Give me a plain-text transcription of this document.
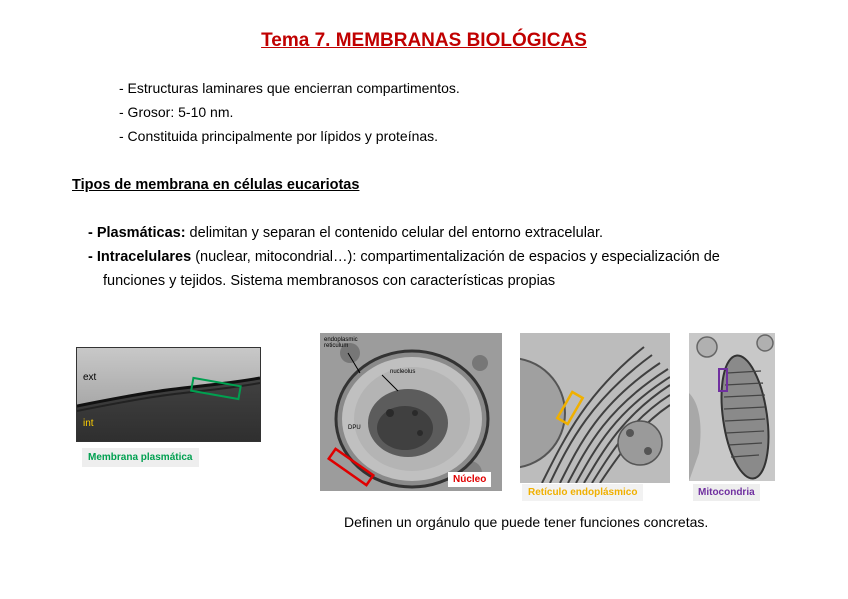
Tema 7. MEMBRANAS BIOLÓGICAS
- Estructuras laminares que encierran compartimentos.
- Grosor: 5-10 nm.
- Constituida principalmente por lípidos y proteínas.
Tipos de membrana en células eucariotas
- Plasmáticas: delimitan y separan el contenido celular del entorno extracelular.
- Intracelulares (nuclear, mitocondrial…): compartimentalización de espacios y especialización de
funciones y tejidos. Sistema membranosos con características propias
ext
int
Membrana plasmática
endoplasmic reticulum
nucleolus
DPU
Núcleo
Retículo endoplásmico	Mitocondria
Definen un orgánulo que puede tener funciones concretas.
